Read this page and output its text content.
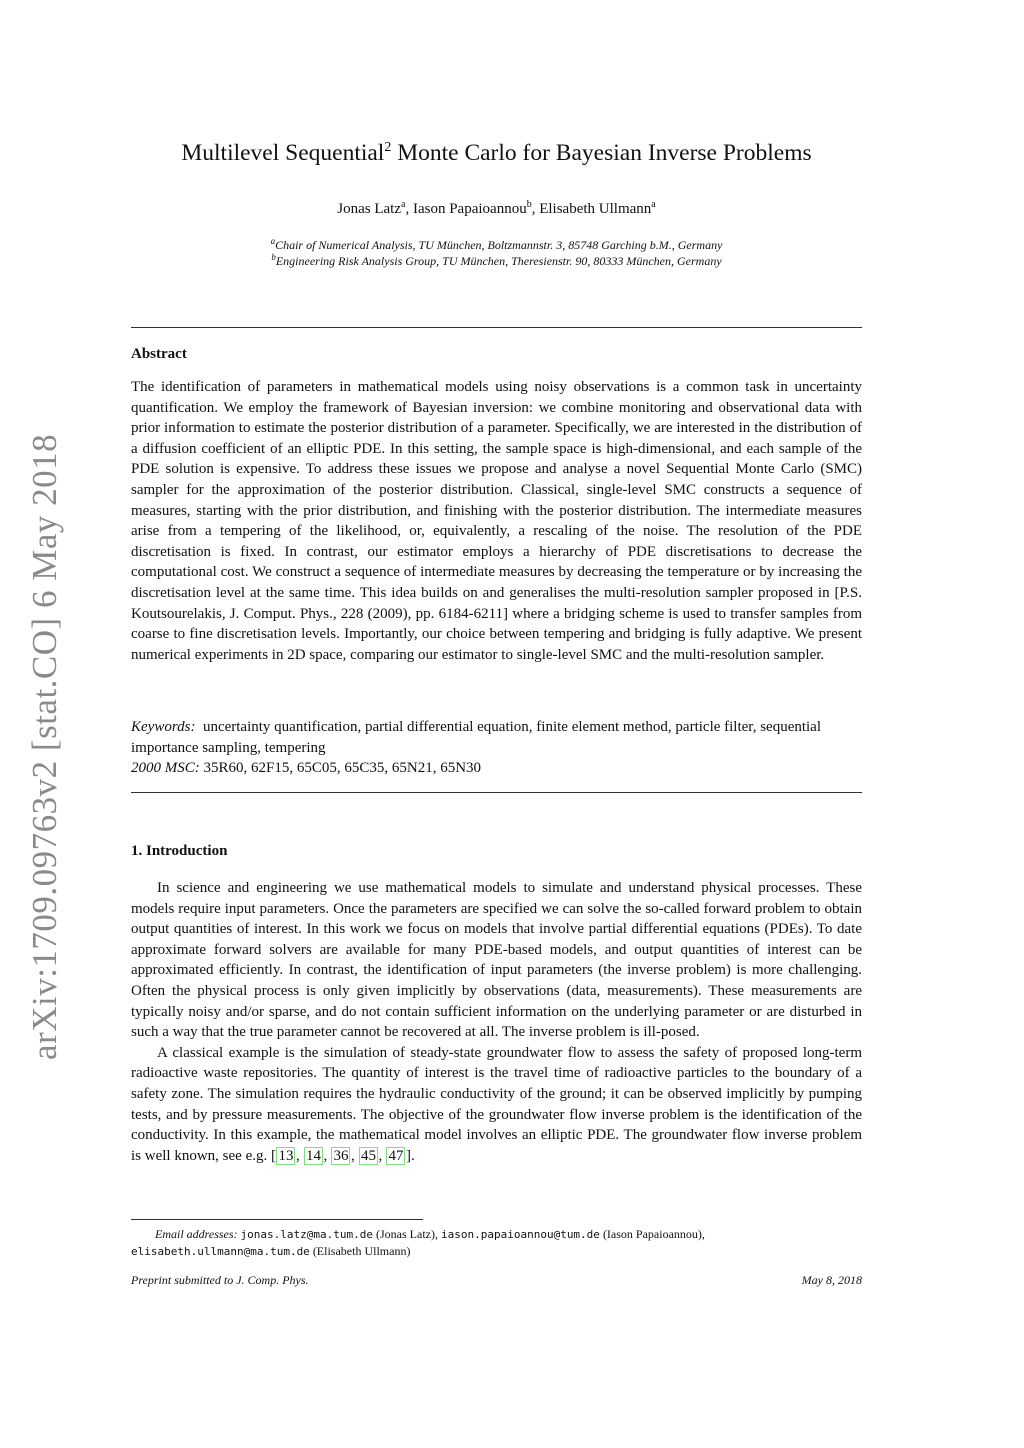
arXiv:1709.09763v2 [stat.CO] 6 May 2018
Multilevel Sequential$^2$ Monte Carlo for Bayesian Inverse Problems
Jonas Latz$^a$, Iason Papaioannou$^b$, Elisabeth Ullmann$^a$
$^a$Chair of Numerical Analysis, TU München, Boltzmannstr. 3, 85748 Garching b.M., Germany
$^b$Engineering Risk Analysis Group, TU München, Theresienstr. 90, 80333 München, Germany
Abstract

The identification of parameters in mathematical models using noisy observations is a common task in uncertainty quantification. We employ the framework of Bayesian inversion: we combine monitoring and observational data with prior information to estimate the posterior distribution of a parameter. Specifically, we are interested in the distribution of a diffusion coefficient of an elliptic PDE. In this setting, the sample space is high-dimensional, and each sample of the PDE solution is expensive. To address these issues we propose and analyse a novel Sequential Monte Carlo (SMC) sampler for the approximation of the posterior distribution. Classical, single-level SMC constructs a sequence of measures, starting with the prior distribution, and finishing with the posterior distribution. The intermediate measures arise from a tempering of the likelihood, or, equivalently, a rescaling of the noise. The resolution of the PDE discretisation is fixed. In contrast, our estimator employs a hierarchy of PDE discretisations to decrease the computational cost. We construct a sequence of intermediate measures by decreasing the temperature or by increasing the discretisation level at the same time. This idea builds on and generalises the multi-resolution sampler proposed in [P.S. Koutsourelakis, J. Comput. Phys., 228 (2009), pp. 6184-6211] where a bridging scheme is used to transfer samples from coarse to fine discretisation levels. Importantly, our choice between tempering and bridging is fully adaptive. We present numerical experiments in 2D space, comparing our estimator to single-level SMC and the multi-resolution sampler.

Keywords: uncertainty quantification, partial differential equation, finite element method, particle filter, sequential importance sampling, tempering
2000 MSC: 35R60, 62F15, 65C05, 65C35, 65N21, 65N30
1. Introduction

In science and engineering we use mathematical models to simulate and understand physical processes. These models require input parameters. Once the parameters are specified we can solve the so-called forward problem to obtain output quantities of interest. In this work we focus on models that involve partial differential equations (PDEs). To date approximate forward solvers are available for many PDE-based models, and output quantities of interest can be approximated efficiently. In contrast, the identification of input parameters (the inverse problem) is more challenging. Often the physical process is only given implicitly by observations (data, measurements). These measurements are typically noisy and/or sparse, and do not contain sufficient information on the underlying parameter or are disturbed in such a way that the true parameter cannot be recovered at all. The inverse problem is ill-posed.

A classical example is the simulation of steady-state groundwater flow to assess the safety of proposed long-term radioactive waste repositories. The quantity of interest is the travel time of radioactive particles to the boundary of a safety zone. The simulation requires the hydraulic conductivity of the ground; it can be observed implicitly by pumping tests, and by pressure measurements. The objective of the groundwater flow inverse problem is the identification of the conductivity. In this example, the mathematical model involves an elliptic PDE. The groundwater flow inverse problem is well known, see e.g. [ 13 , 14 , 36 , 45 , 47 ].

Email addresses: jonas.latz@ma.tum.de (Jonas Latz), iason.papaioannou@tum.de (Iason Papaioannou),
elisabeth.ullmann@ma.tum.de (Elisabeth Ullmann)
Preprint submitted to J. Comp. Phys.	May 8, 2018
